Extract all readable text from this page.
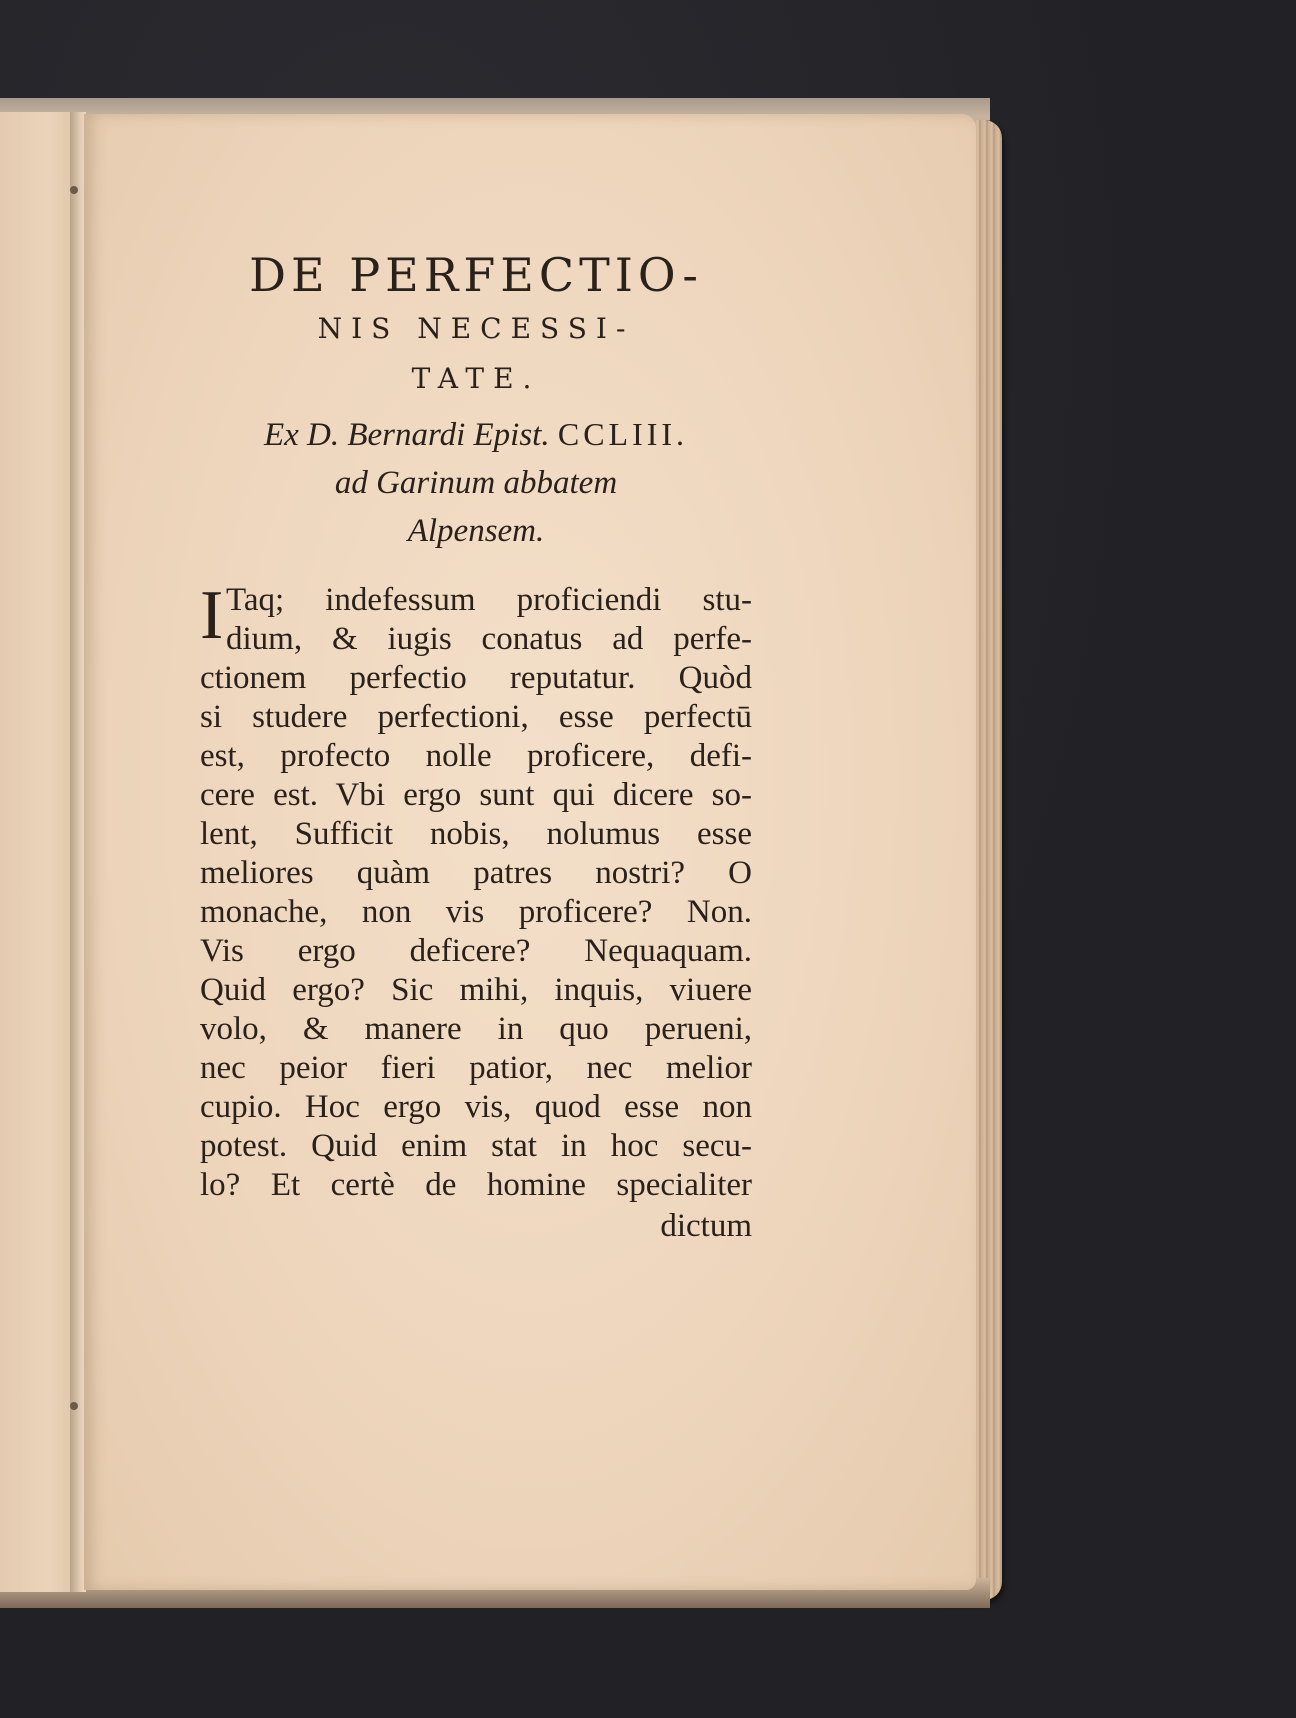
DE PERFECTIO-

NIS NECESSI-

TATE.

Ex D. Bernardi Epist. CCLIII.
ad Garinum abbatem
Alpensem.
I Taq; indefessum proficiendi stu-
dium, & iugis conatus ad perfe-
ctionem perfectio reputatur. Quòd
si studere perfectioni, esse perfectū
est, profecto nolle proficere, defi-
cere est. Vbi ergo sunt qui dicere so-
lent, Sufficit nobis, nolumus esse
meliores quàm patres nostri? O
monache, non vis proficere? Non.
Vis ergo deficere? Nequaquam.
Quid ergo? Sic mihi, inquis, viuere
volo, & manere in quo perueni,
nec peior fieri patior, nec melior
cupio. Hoc ergo vis, quod esse non
potest. Quid enim stat in hoc secu-
lo? Et certè de homine specialiter
dictum
